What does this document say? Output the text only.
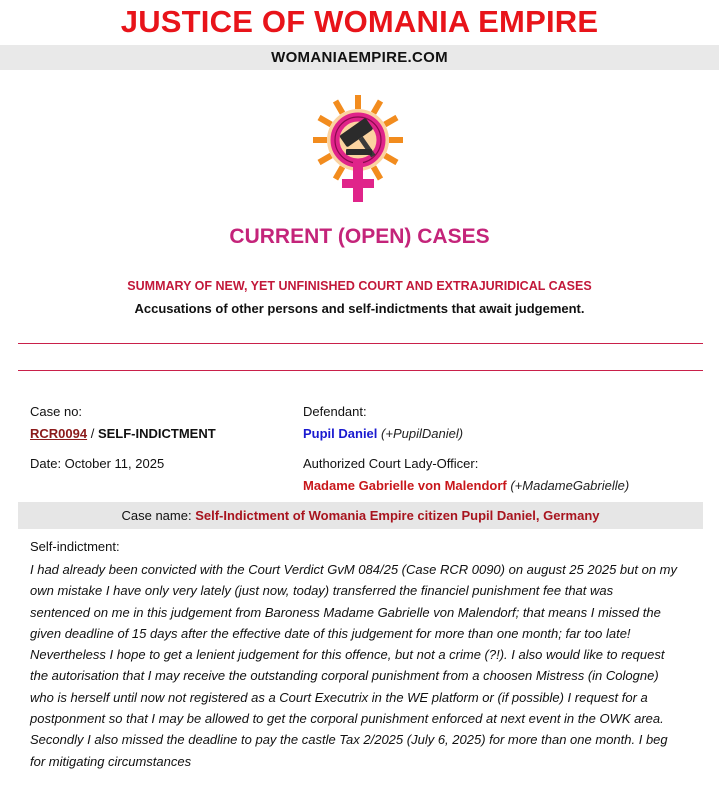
JUSTICE OF WOMANIA EMPIRE
WOMANIAEMPIRE.COM
CURRENT (OPEN) CASES
SUMMARY OF NEW, YET UNFINISHED COURT AND EXTRAJURIDICAL CASES
Accusations of other persons and self-indictments that await judgement.
Case no:
RCR0094 / SELF-INDICTMENT
Date: October 11, 2025
Defendant:
Pupil Daniel (+PupilDaniel)
Authorized Court Lady-Officer:
Madame Gabrielle von Malendorf (+MadameGabrielle)
Case name: Self-Indictment of Womania Empire citizen Pupil Daniel, Germany
Self-indictment:
I had already been convicted with the Court Verdict GvM 084/25 (Case RCR 0090) on august 25 2025 but on my
own mistake I have only very lately (just now, today) transferred the financiel punishment fee that was
sentenced on me in this judgement from Baroness Madame Gabrielle von Malendorf; that means I missed the
given deadline of 15 days after the effective date of this judgement for more than one month; far too late!
Nevertheless I hope to get a lenient judgement for this offence, but not a crime (?!). I also would like to request
the autorisation that I may receive the outstanding corporal punishment from a choosen Mistress (in Cologne)
who is herself until now not registered as a Court Executrix in the WE platform or (if possible) I request for a
postponment so that I may be allowed to get the corporal punishment enforced at next event in the OWK area.
Secondly I also missed the deadline to pay the castle Tax 2/2025 (July 6, 2025) for more than one month. I beg
for mitigating circumstances
